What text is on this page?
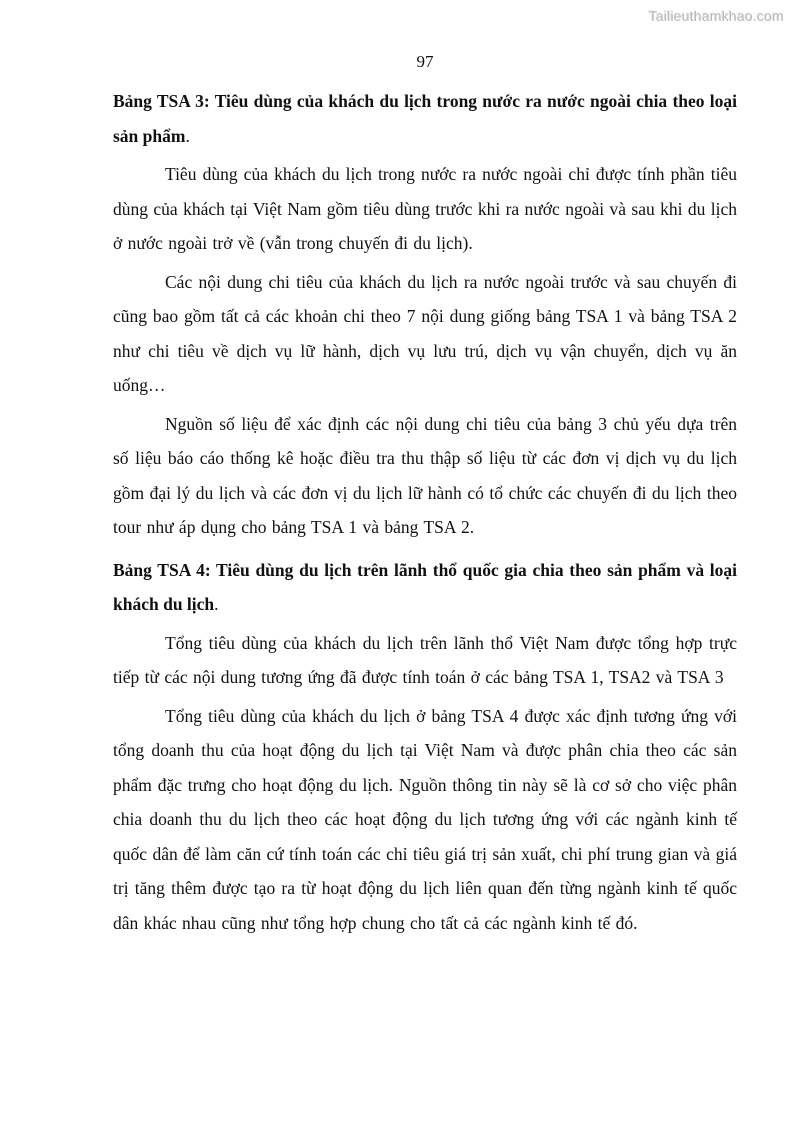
Tailieuthamkhao.com
97
Bảng TSA 3: Tiêu dùng của khách du lịch trong nước ra nước ngoài chia theo loại sản phẩm.

Tiêu dùng của khách du lịch trong nước ra nước ngoài chỉ được tính phần tiêu dùng của khách tại Việt Nam gồm tiêu dùng trước khi ra nước ngoài và sau khi du lịch ở nước ngoài trở về (vẫn trong chuyến đi du lịch).

Các nội dung chi tiêu của khách du lịch ra nước ngoài trước và sau chuyến đi cũng bao gồm tất cả các khoản chi theo 7 nội dung giống bảng TSA 1 và bảng TSA 2 như chi tiêu về dịch vụ lữ hành, dịch vụ lưu trú, dịch vụ vận chuyển, dịch vụ ăn uống…

Nguồn số liệu để xác định các nội dung chi tiêu của bảng 3 chủ yếu dựa trên số liệu báo cáo thống kê hoặc điều tra thu thập số liệu từ các đơn vị dịch vụ du lịch gồm đại lý du lịch và các đơn vị du lịch lữ hành có tổ chức các chuyến đi du lịch theo tour như áp dụng cho bảng TSA 1 và bảng TSA 2.

Bảng TSA 4: Tiêu dùng du lịch trên lãnh thổ quốc gia chia theo sản phẩm và loại khách du lịch.

Tổng tiêu dùng của khách du lịch trên lãnh thổ Việt Nam được tổng hợp trực tiếp từ các nội dung tương ứng đã được tính toán ở các bảng TSA 1, TSA2 và TSA 3

Tổng tiêu dùng của khách du lịch ở bảng TSA 4 được xác định tương ứng với tổng doanh thu của hoạt động du lịch tại Việt Nam và được phân chia theo các sản phẩm đặc trưng cho hoạt động du lịch. Nguồn thông tin này sẽ là cơ sở cho việc phân chia doanh thu du lịch theo các hoạt động du lịch tương ứng với các ngành kinh tế quốc dân để làm căn cứ tính toán các chỉ tiêu giá trị sản xuất, chi phí trung gian và giá trị tăng thêm được tạo ra từ hoạt động du lịch liên quan đến từng ngành kinh tế quốc dân khác nhau cũng như tổng hợp chung cho tất cả các ngành kinh tế đó.
